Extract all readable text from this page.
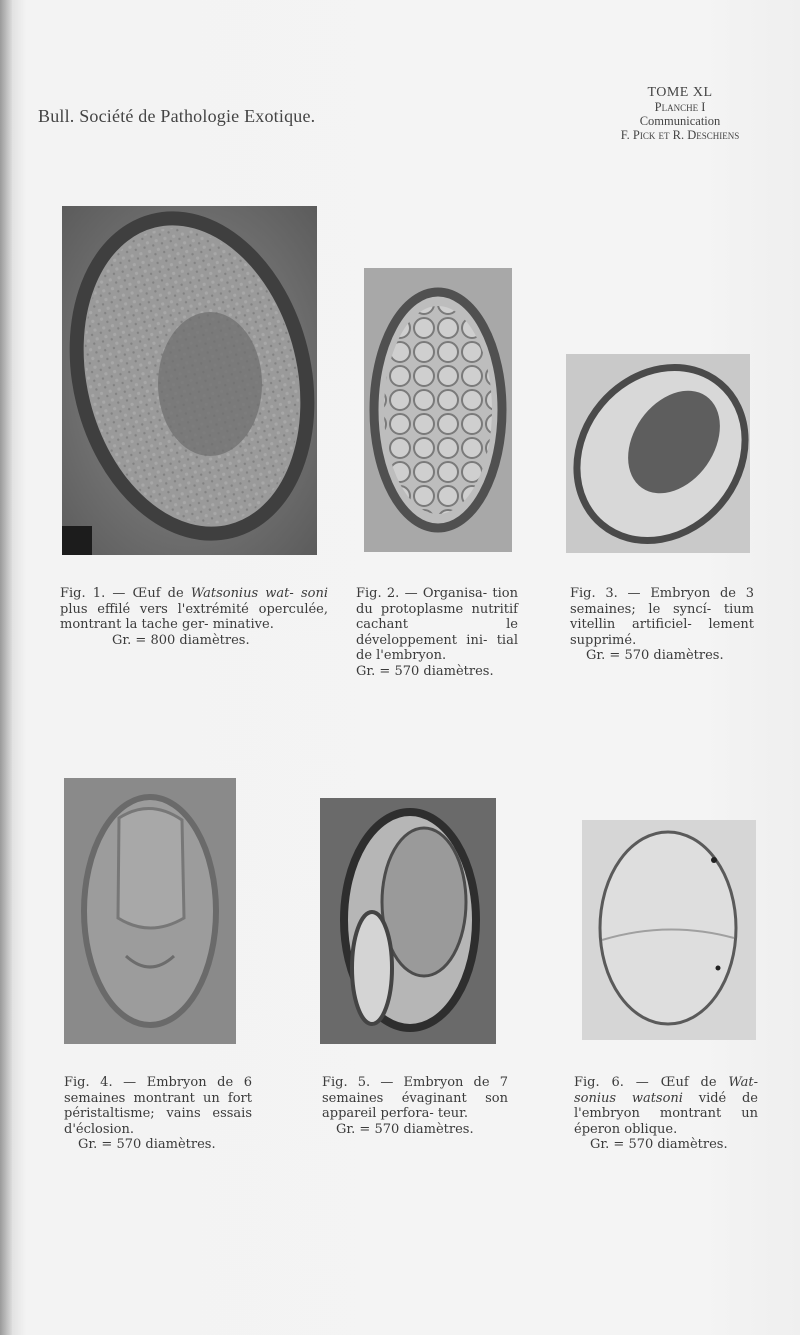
Bull. Société de Pathologie Exotique.
TOME XL
Planche I
Communication
F. Pick et R. Deschiens
Fig. 1. — Œuf de Watsonius wat- soni plus effilé vers l'extrémité operculée, montrant la tache ger- minative.
Gr. = 800 diamètres.
Fig. 2. — Organisa- tion du protoplasme nutritif cachant le développement ini- tial de l'embryon.
Gr. = 570 diamètres.
Fig. 3. — Embryon de 3 semaines; le syncí- tium vitellin artificiel- lement supprimé.
Gr. = 570 diamètres.
Fig. 4. — Embryon de 6 semaines montrant un fort péristaltisme; vains essais d'éclosion.
Gr. = 570 diamètres.
Fig. 5. — Embryon de 7 semaines évaginant son appareil perfora- teur.
Gr. = 570 diamètres.
Fig. 6. — Œuf de Wat- sonius watsoni vidé de l'embryon montrant un éperon oblique.
Gr. = 570 diamètres.
